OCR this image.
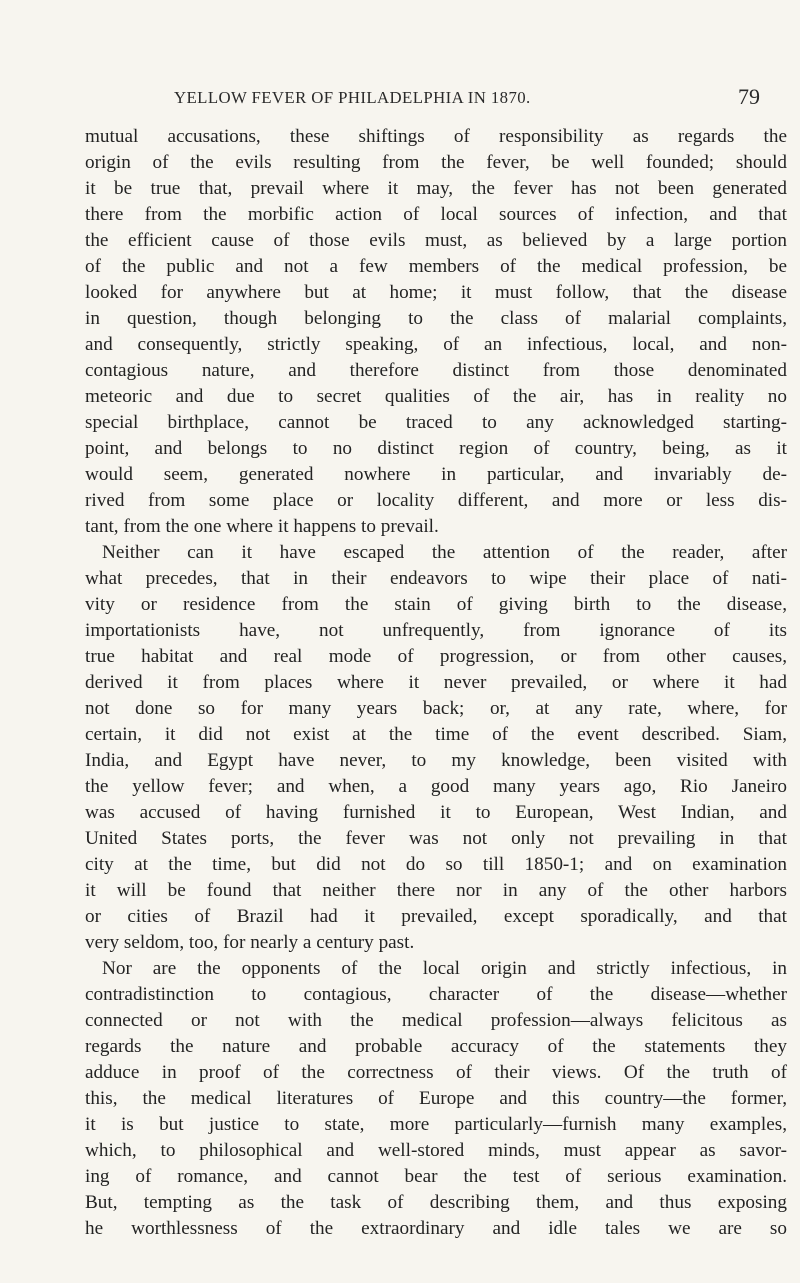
YELLOW FEVER OF PHILADELPHIA IN 1870.	79
mutual accusations, these shiftings of responsibility as regards the
origin of the evils resulting from the fever, be well founded; should
it be true that, prevail where it may, the fever has not been generated
there from the morbific action of local sources of infection, and that
the efficient cause of those evils must, as believed by a large portion
of the public and not a few members of the medical profession, be
looked for anywhere but at home; it must follow, that the disease
in question, though belonging to the class of malarial complaints,
and consequently, strictly speaking, of an infectious, local, and non-
contagious nature, and therefore distinct from those denominated
meteoric and due to secret qualities of the air, has in reality no
special birthplace, cannot be traced to any acknowledged starting-
point, and belongs to no distinct region of country, being, as it
would seem, generated nowhere in particular, and invariably de-
rived from some place or locality different, and more or less dis-
tant, from the one where it happens to prevail.
Neither can it have escaped the attention of the reader, after
what precedes, that in their endeavors to wipe their place of nati-
vity or residence from the stain of giving birth to the disease,
importationists have, not unfrequently, from ignorance of its
true habitat and real mode of progression, or from other causes,
derived it from places where it never prevailed, or where it had
not done so for many years back; or, at any rate, where, for
certain, it did not exist at the time of the event described. Siam,
India, and Egypt have never, to my knowledge, been visited with
the yellow fever; and when, a good many years ago, Rio Janeiro
was accused of having furnished it to European, West Indian, and
United States ports, the fever was not only not prevailing in that
city at the time, but did not do so till 1850-1; and on examination
it will be found that neither there nor in any of the other harbors
or cities of Brazil had it prevailed, except sporadically, and that
very seldom, too, for nearly a century past.
Nor are the opponents of the local origin and strictly infectious, in
contradistinction to contagious, character of the disease—whether
connected or not with the medical profession—always felicitous as
regards the nature and probable accuracy of the statements they
adduce in proof of the correctness of their views. Of the truth of
this, the medical literatures of Europe and this country—the former,
it is but justice to state, more particularly—furnish many examples,
which, to philosophical and well-stored minds, must appear as savor-
ing of romance, and cannot bear the test of serious examination.
But, tempting as the task of describing them, and thus exposing
he worthlessness of the extraordinary and idle tales we are so
